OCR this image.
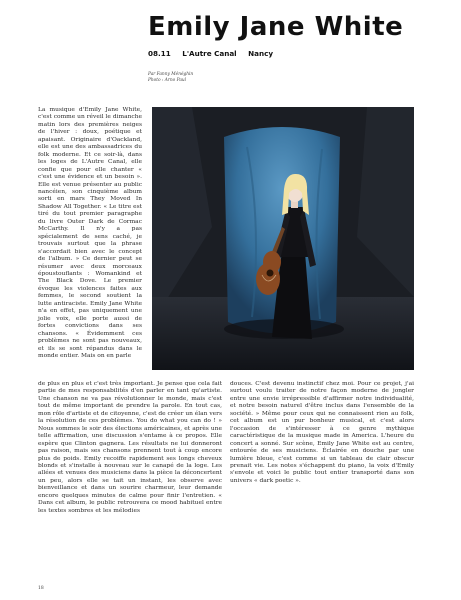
Emily Jane White
08.11 L'Autre Canal Nancy
Par Fanny Ménéghin
Photo : Arno Paul

La musique d'Emily Jane White, c'est comme un réveil le dimanche matin lors des premières neiges de l'hiver : doux, poétique et apaisant. Originaire d'Oackland, elle est une des ambassadrices du folk moderne. Et ce soir-là, dans les loges de L'Autre Canal, elle confie que pour elle chanter « c'est une évidence et un besoin ». Elle est venue présenter au public nancéien, son cinquième album sorti en mars They Moved In Shadow All Together. « Le titre est tiré du tout premier paragraphe du livre Outer Dark de Cormac McCarthy. Il n'y a pas spécialement de sens caché, je trouvais surtout que la phrase s'accordait bien avec le concept de l'album. » Ce dernier peut se résumer avec deux morceaux époustouflants : Womankind et The Black Dove. Le premier évoque les violences faites aux femmes, le second soutient la lutte antiraciste. Emily Jane White n'a en effet, pas uniquement une jolie voix, elle porte aussi de fortes convictions dans ses chansons. « Évidemment ces problèmes ne sont pas nouveaux, et ils se sont répandus dans le monde entier. Mais on en parle

de plus en plus et c'est très important. Je pense que cela fait partie de mes responsabilités d'en parler en tant qu'artiste. Une chanson ne va pas révolutionner le monde, mais c'est tout de même important de prendre la parole. En tout cas, mon rôle d'artiste et de citoyenne, c'est de créer un élan vers la résolution de ces problèmes. You do what you can do ! » Nous sommes le soir des élections américaines, et après une telle affirmation, une discussion s'entame à ce propos. Elle espère que Clinton gagnera. Les résultats ne lui donneront pas raison, mais ses chansons prennent tout à coup encore plus de poids. Emily recoiffe rapidement ses longs cheveux blonds et s'installe à nouveau sur le canapé de la loge. Les allées et venues des musiciens dans la pièce la déconcertent un peu, alors elle se tait un instant, les observe avec bienveillance et dans un sourire charmeur, leur demande encore quelques minutes de calme pour finir l'entretien. « Dans cet album, le public retrouvera ce mood habituel entre les textes sombres et les mélodies

douces. C'est devenu instinctif chez moi. Pour ce projet, j'ai surtout voulu traiter de notre façon moderne de jongler entre une envie irrépressible d'affirmer notre individualité, et notre besoin naturel d'être inclus dans l'ensemble de la société. » Même pour ceux qui ne connaissent rien au folk, cet album est un pur bonheur musical, et c'est alors l'occasion de s'intéresser à ce genre mythique caractéristique de la musique made in America. L'heure du concert a sonné. Sur scène, Emily Jane White est au centre, entourée de ses musiciens. Éclairée en douche par une lumière bleue, c'est comme si un tableau de clair obscur prenait vie. Les notes s'échappent du piano, la voix d'Emily s'envole et voici le public tout entier transporté dans son univers « dark poetic ».

18
